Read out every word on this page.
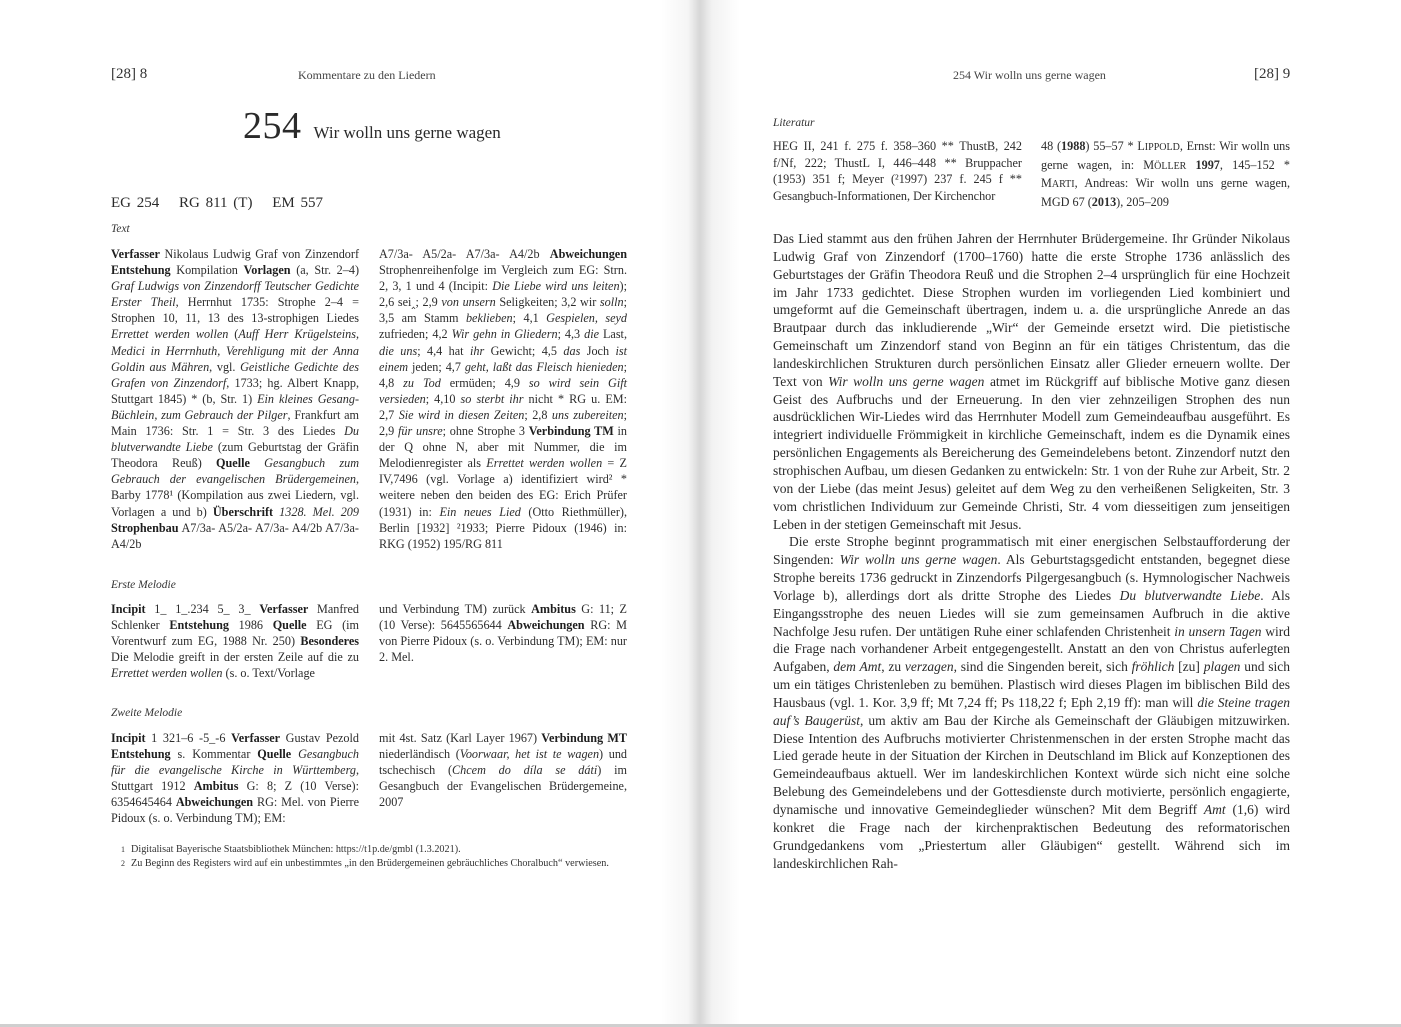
[28] 8	Kommentare zu den Liedern
254 Wir wolln uns gerne wagen
EG 254 RG 811 (T) EM 557
Text
Verfasser Nikolaus Ludwig Graf von Zinzendorf Entstehung Kompilation Vorlagen (a, Str. 2–4) Graf Ludwigs von Zinzendorff Teutscher Gedichte Erster Theil, Herrnhut 1735: Strophe 2–4 = Strophen 10, 11, 13 des 13-strophigen Liedes Errettet werden wollen (Auff Herr Krügelsteins, Medici in Herrnhuth, Verehligung mit der Anna Goldin aus Mähren, vgl. Geistliche Gedichte des Grafen von Zinzendorf, 1733; hg. Albert Knapp, Stuttgart 1845) * (b, Str. 1) Ein kleines Gesang-Büchlein, zum Gebrauch der Pilger, Frankfurt am Main 1736: Str. 1 = Str. 3 des Liedes Du blutverwandte Liebe (zum Geburtstag der Gräfin Theodora Reuß) Quelle Gesangbuch zum Gebrauch der evangelischen Brüdergemeinen, Barby 1778¹ (Kompilation aus zwei Liedern, vgl. Vorlagen a und b) Überschrift 1328. Mel. 209 Strophenbau A7/3a- A5/2a- A7/3a- A4/2b A7/3a- A4/2b
A7/3a- A5/2a- A7/3a- A4/2b Abweichungen Strophenreihenfolge im Vergleich zum EG: Strn. 2, 3, 1 und 4 (Incipit: Die Liebe wird uns leiten); 2,6 sei‸; 2,9 von unsern Seligkeiten; 3,2 wir solln; 3,5 am Stamm beklieben; 4,1 Gespielen, seyd zufrieden; 4,2 Wir gehn in Gliedern; 4,3 die Last, die uns; 4,4 hat ihr Gewicht; 4,5 das Joch ist einem jeden; 4,7 geht, laßt das Fleisch hienieden; 4,8 zu Tod ermüden; 4,9 so wird sein Gift versieden; 4,10 so sterbt ihr nicht * RG u. EM: 2,7 Sie wird in diesen Zeiten; 2,8 uns zubereiten; 2,9 für unsre; ohne Strophe 3 Verbindung TM in der Q ohne N, aber mit Nummer, die im Melodienregister als Errettet werden wollen = Z IV,7496 (vgl. Vorlage a) identifiziert wird² * weitere neben den beiden des EG: Erich Prüfer (1931) in: Ein neues Lied (Otto Riethmüller), Berlin [1932] ²1933; Pierre Pidoux (1946) in: RKG (1952) 195/RG 811
Erste Melodie
Incipit 1_ 1_.234 5_ 3_ Verfasser Manfred Schlenker Entstehung 1986 Quelle EG (im Vorentwurf zum EG, 1988 Nr. 250) Besonderes Die Melodie greift in der ersten Zeile auf die zu Errettet werden wollen (s. o. Text/Vorlage
und Verbindung TM) zurück Ambitus G: 11; Z (10 Verse): 5645565644 Abweichungen RG: M von Pierre Pidoux (s. o. Verbindung TM); EM: nur 2. Mel.
Zweite Melodie
Incipit 1 321–6 -5_-6 Verfasser Gustav Pezold Entstehung s. Kommentar Quelle Gesangbuch für die evangelische Kirche in Württemberg, Stuttgart 1912 Ambitus G: 8; Z (10 Verse): 6354645464 Abweichungen RG: Mel. von Pierre Pidoux (s. o. Verbindung TM); EM:
mit 4st. Satz (Karl Layer 1967) Verbindung MT niederländisch (Voorwaar, het ist te wagen) und tschechisch (Chcem do díla se dáti) im Gesangbuch der Evangelischen Brüdergemeine, 2007

1 Digitalisat Bayerische Staatsbibliothek München: https://t1p.de/gmbl (1.3.2021).

2 Zu Beginn des Registers wird auf ein unbestimmtes „in den Brüdergemeinen gebräuchliches Choralbuch“ verwiesen.

254 Wir wolln uns gerne wagen	[28] 9
Literatur
HEG II, 241 f. 275 f. 358–360 ** ThustB, 242 f/Nf, 222; ThustL I, 446–448 ** Bruppacher (1953) 351 f; Meyer (²1997) 237 f. 245 f ** Gesangbuch-Informationen, Der Kirchenchor
48 (1988) 55–57 * LIPPOLD, Ernst: Wir wolln uns gerne wagen, in: MÖLLER 1997, 145–152 * MARTI, Andreas: Wir wolln uns gerne wagen, MGD 67 (2013), 205–209

Das Lied stammt aus den frühen Jahren der Herrnhuter Brüdergemeine. Ihr Gründer Nikolaus Ludwig Graf von Zinzendorf (1700–1760) hatte die erste Strophe 1736 anlässlich des Geburtstages der Gräfin Theodora Reuß und die Strophen 2–4 ursprünglich für eine Hochzeit im Jahr 1733 gedichtet. Diese Strophen wurden im vorliegenden Lied kombiniert und umgeformt auf die Gemeinschaft übertragen, indem u. a. die ursprüngliche Anrede an das Brautpaar durch das inkludierende „Wir“ der Gemeinde ersetzt wird. Die pietistische Gemeinschaft um Zinzendorf stand von Beginn an für ein tätiges Christentum, das die landeskirchlichen Strukturen durch persönlichen Einsatz aller Glieder erneuern wollte. Der Text von Wir wolln uns gerne wagen atmet im Rückgriff auf biblische Motive ganz diesen Geist des Aufbruchs und der Erneuerung. In den vier zehnzeiligen Strophen des nun ausdrücklichen Wir-Liedes wird das Herrnhuter Modell zum Gemeindeaufbau ausgeführt. Es integriert individuelle Frömmigkeit in kirchliche Gemeinschaft, indem es die Dynamik eines persönlichen Engagements als Bereicherung des Gemeindelebens betont. Zinzendorf nutzt den strophischen Aufbau, um diesen Gedanken zu entwickeln: Str. 1 von der Ruhe zur Arbeit, Str. 2 von der Liebe (das meint Jesus) geleitet auf dem Weg zu den verheißenen Seligkeiten, Str. 3 vom christlichen Individuum zur Gemeinde Christi, Str. 4 vom diesseitigen zum jenseitigen Leben in der stetigen Gemeinschaft mit Jesus.

Die erste Strophe beginnt programmatisch mit einer energischen Selbstaufforderung der Singenden: Wir wolln uns gerne wagen. Als Geburtstagsgedicht entstanden, begegnet diese Strophe bereits 1736 gedruckt in Zinzendorfs Pilgergesangbuch (s. Hymnologischer Nachweis Vorlage b), allerdings dort als dritte Strophe des Liedes Du blutverwandte Liebe. Als Eingangsstrophe des neuen Liedes will sie zum gemeinsamen Aufbruch in die aktive Nachfolge Jesu rufen. Der untätigen Ruhe einer schlafenden Christenheit in unsern Tagen wird die Frage nach vorhandener Arbeit entgegengestellt. Anstatt an den von Christus auferlegten Aufgaben, dem Amt, zu verzagen, sind die Singenden bereit, sich fröhlich [zu] plagen und sich um ein tätiges Christenleben zu bemühen. Plastisch wird dieses Plagen im biblischen Bild des Hausbaus (vgl. 1. Kor. 3,9 ff; Mt 7,24 ff; Ps 118,22 f; Eph 2,19 ff): man will die Steine tragen auf’s Baugerüst, um aktiv am Bau der Kirche als Gemeinschaft der Gläubigen mitzuwirken. Diese Intention des Aufbruchs motivierter Christenmenschen in der ersten Strophe macht das Lied gerade heute in der Situation der Kirchen in Deutschland im Blick auf Konzeptionen des Gemeindeaufbaus aktuell. Wer im landeskirchlichen Kontext würde sich nicht eine solche Belebung des Gemeindelebens und der Gottesdienste durch motivierte, persönlich engagierte, dynamische und innovative Gemeindeglieder wünschen? Mit dem Begriff Amt (1,6) wird konkret die Frage nach der kirchenpraktischen Bedeutung des reformatorischen Grundgedankens vom „Priestertum aller Gläubigen“ gestellt. Während sich im landeskirchlichen Rah-
